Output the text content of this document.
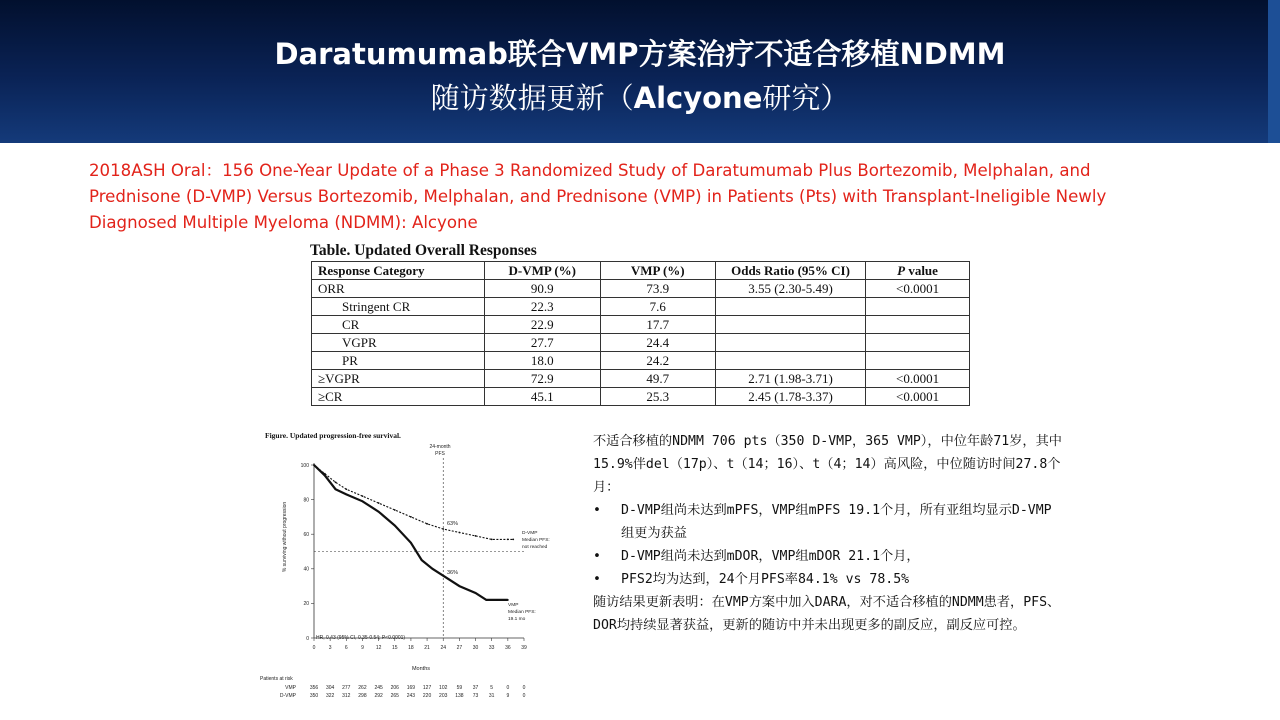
Daratumumab联合VMP方案治疗不适合移植NDMM
随访数据更新（Alcyone研究）
2018ASH Oral：156 One-Year Update of a Phase 3 Randomized Study of Daratumumab Plus Bortezomib, Melphalan, and Prednisone (D-VMP) Versus Bortezomib, Melphalan, and Prednisone (VMP) in Patients (Pts) with Transplant-Ineligible Newly Diagnosed Multiple Myeloma (NDMM): Alcyone
Table. Updated Overall Responses
Response Category	D-VMP (%)	VMP (%)	Odds Ratio (95% CI)	P value
ORR	90.9	73.9	3.55 (2.30-5.49)	<0.0001
Stringent CR	22.3	7.6		
CR	22.9	17.7		
VGPR	27.7	24.4		
PR	18.0	24.2		
≥VGPR	72.9	49.7	2.71 (1.98-3.71)	<0.0001
≥CR	45.1	25.3	2.45 (1.78-3.37)	<0.0001
Figure. Updated progression-free survival.
24-month
PFS
% surviving without progression
Months
63%
36%
D-VMP
Median PFS:
not reached
VMP
Median PFS:
19.1 mo
HR, 0.43 (95% CI, 0.35-0.54; P<0.0001)
Patients at risk
VMP
D-VMP
0
20
40
60
80
100
0	3	6	9 12 15 18 21 24 27 30 33 36 39
356 304 277 262 245 206 169 127 102 59 37 5	0	0
350 322 312 298 292 265 243 220 203 138 73 31 9	0

不适合移植的NDMM 706 pts（350 D-VMP，365 VMP），中位年龄71岁，其中15.9%伴del（17p）、t（14；16）、t（4；14）高风险，中位随访时间27.8个月：

• D-VMP组尚未达到mPFS，VMP组mPFS 19.1个月，所有亚组均显示D-VMP组更为获益
• D-VMP组尚未达到mDOR，VMP组mDOR 21.1个月，
• PFS2均为达到，24个月PFS率84.1% vs 78.5%

随访结果更新表明：在VMP方案中加入DARA，对不适合移植的NDMM患者，PFS、DOR均持续显著获益，更新的随访中并未出现更多的副反应，副反应可控。
